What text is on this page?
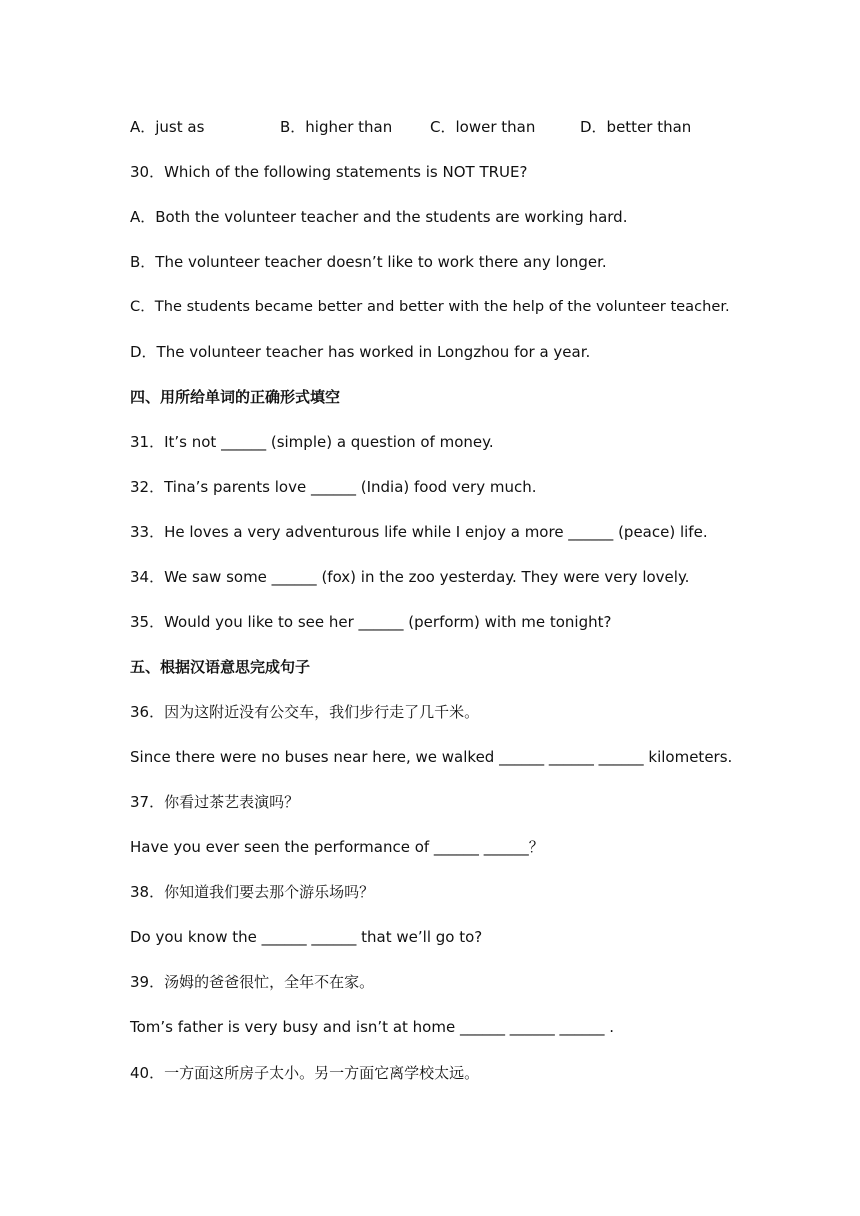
A．just as	B．higher than	C．lower than	D．better than

30．Which of the following statements is NOT TRUE?

A．Both the volunteer teacher and the students are working hard.

B．The volunteer teacher doesn’t like to work there any longer.

C．The students became better and better with the help of the volunteer teacher.

D．The volunteer teacher has worked in Longzhou for a year.

四、用所给单词的正确形式填空

31．It’s not ______ (simple) a question of money.

32．Tina’s parents love ______ (India) food very much.

33．He loves a very adventurous life while I enjoy a more ______ (peace) life.

34．We saw some ______ (fox) in the zoo yesterday. They were very lovely.

35．Would you like to see her ______ (perform) with me tonight?

五、根据汉语意思完成句子

36．因为这附近没有公交车，我们步行走了几千米。

Since there were no buses near here, we walked ______ ______ ______ kilometers.

37．你看过茶艺表演吗？

Have you ever seen the performance of ______ ______？

38．你知道我们要去那个游乐场吗？

Do you know the ______ ______ that we’ll go to?

39．汤姆的爸爸很忙，全年不在家。

Tom’s father is very busy and isn’t at home ______ ______ ______ .

40．一方面这所房子太小。另一方面它离学校太远。
